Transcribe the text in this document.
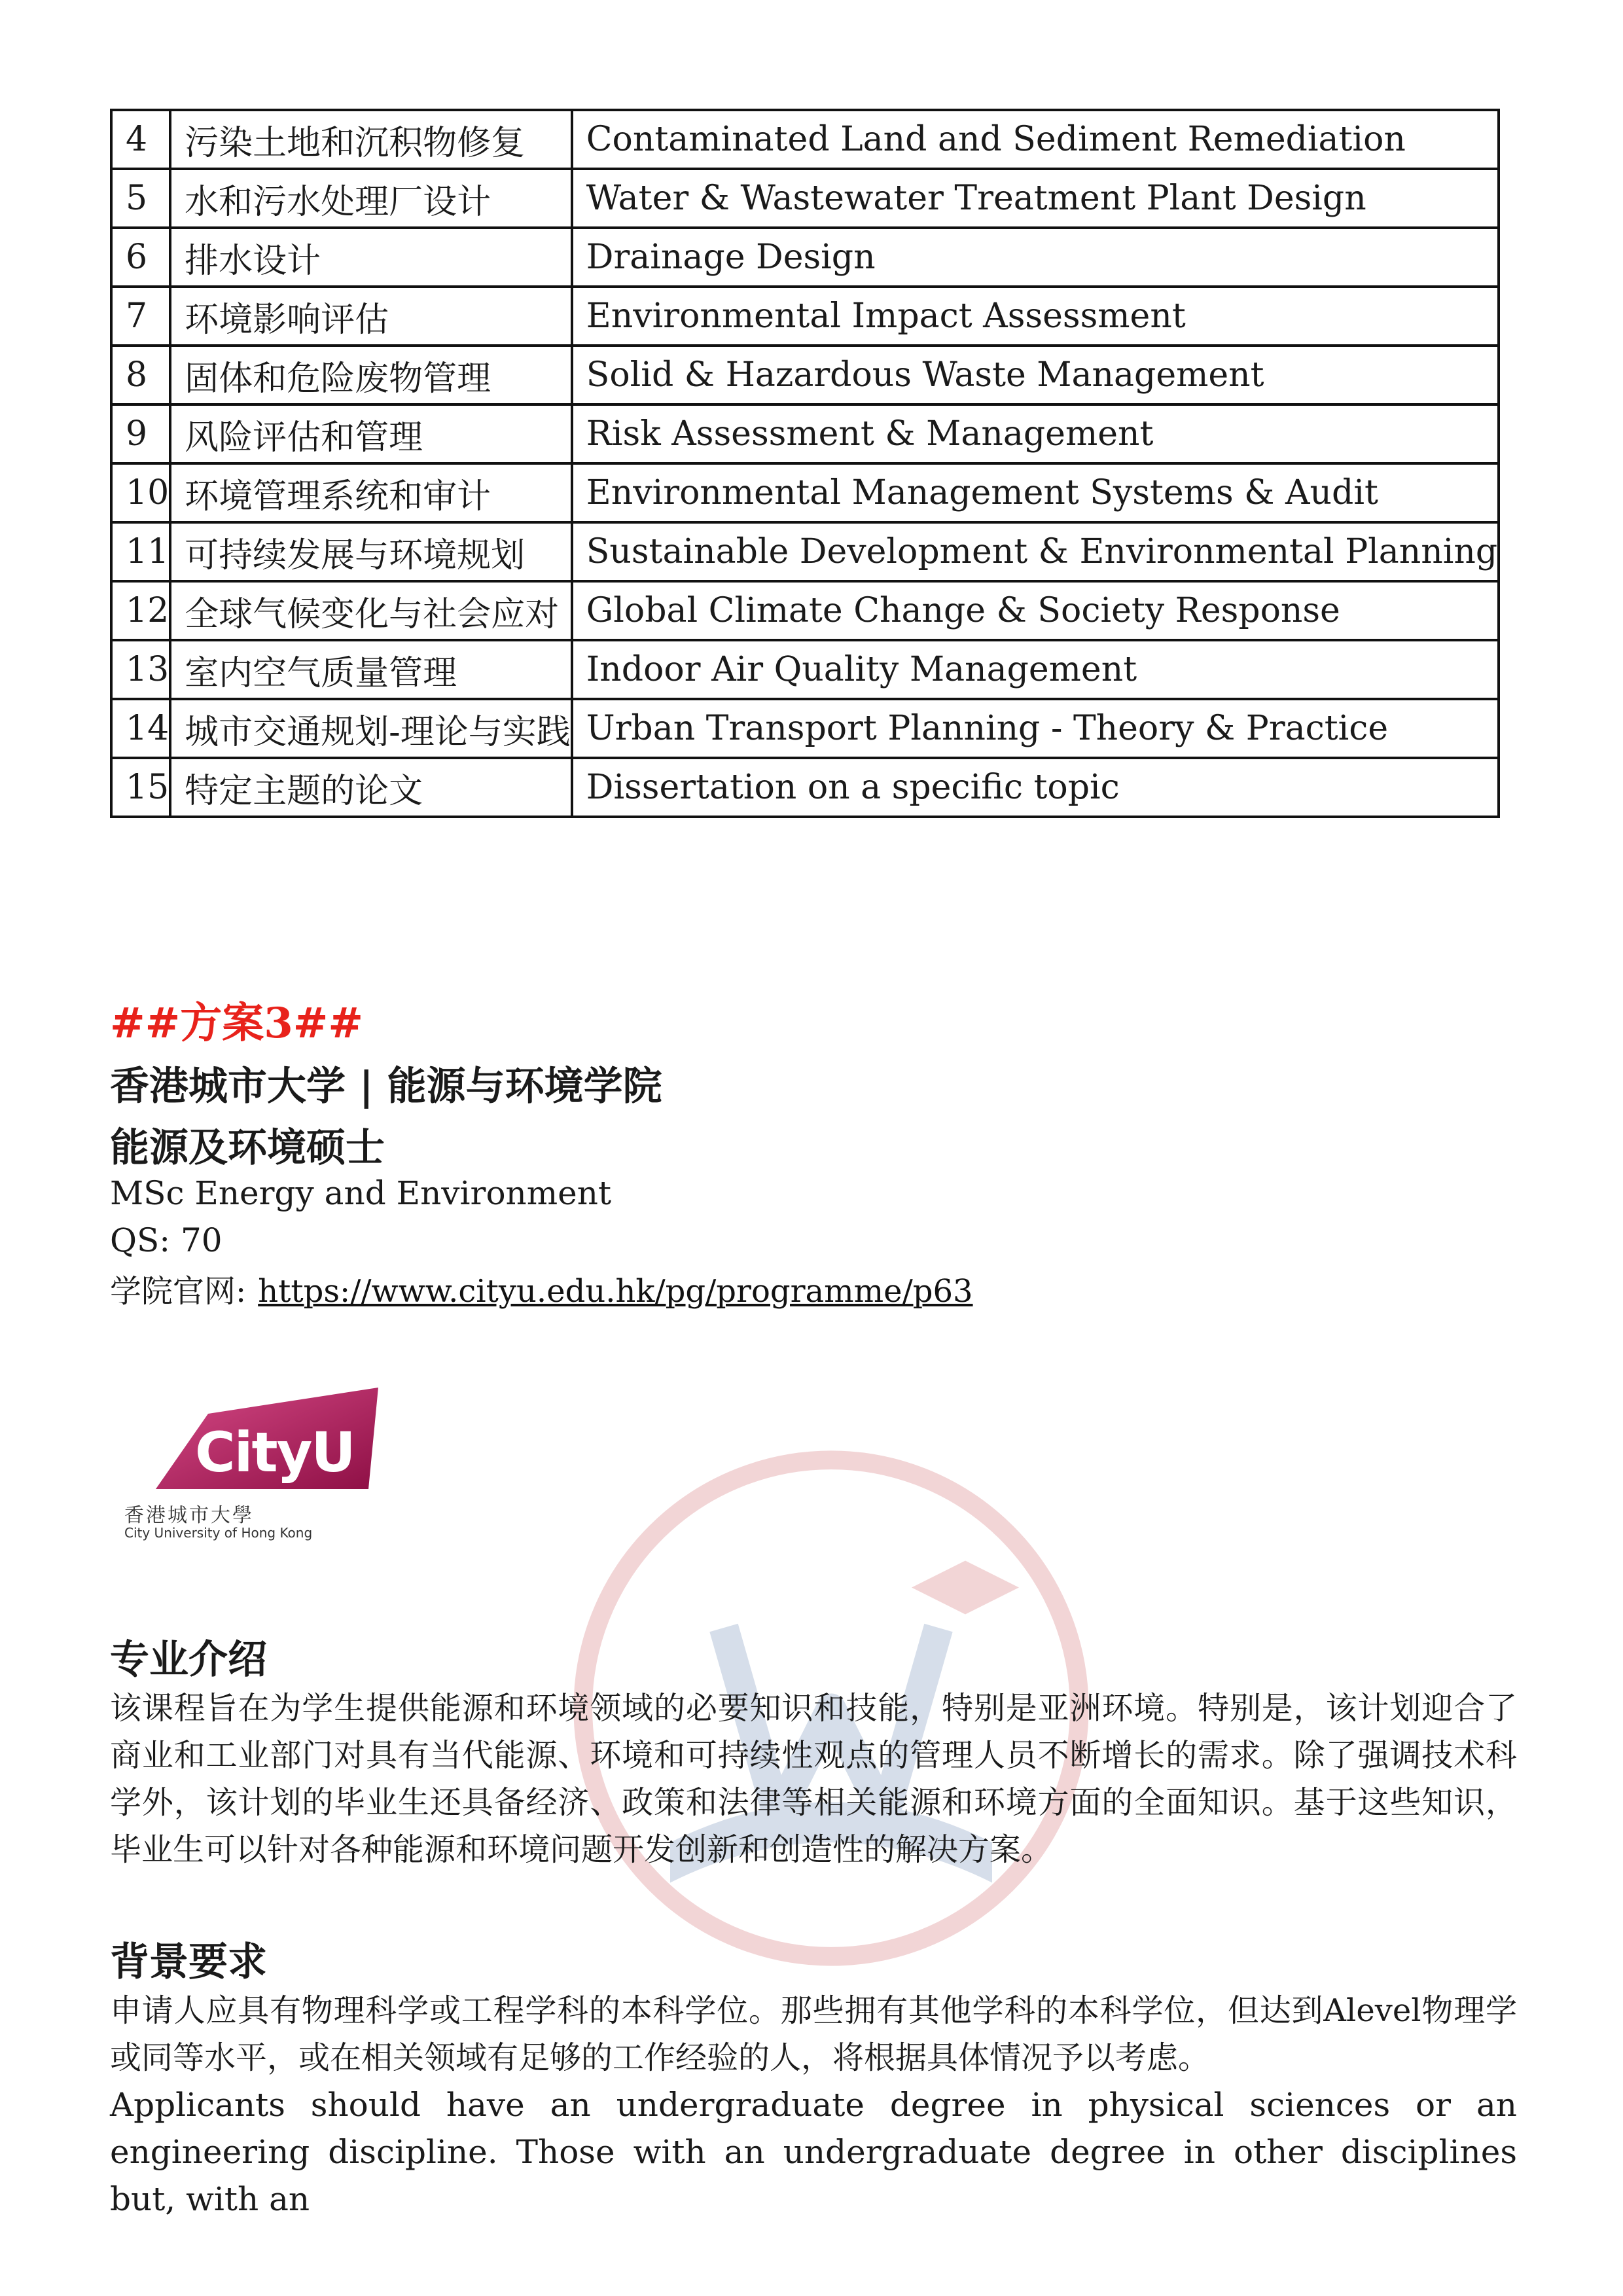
4	污染土地和沉积物修复	Contaminated Land and Sediment Remediation
5	水和污水处理厂设计	Water & Wastewater Treatment Plant Design
6	排水设计	Drainage Design
7	环境影响评估	Environmental Impact Assessment
8	固体和危险废物管理	Solid & Hazardous Waste Management
9	风险评估和管理	Risk Assessment & Management
10	环境管理系统和审计	Environmental Management Systems & Audit
11	可持续发展与环境规划	Sustainable Development & Environmental Planning
12	全球气候变化与社会应对	Global Climate Change & Society Response
13	室内空气质量管理	Indoor Air Quality Management
14	城市交通规划-理论与实践	Urban Transport Planning - Theory & Practice
15	特定主题的论文	Dissertation on a specific topic
##方案3##
香港城市大学 | 能源与环境学院
能源及环境硕士
MSc Energy and Environment
QS: 70
学院官网: https://www.cityu.edu.hk/pg/programme/p63
CityU
香港城市大學
City University of Hong Kong
专业介绍
该课程旨在为学生提供能源和环境领域的必要知识和技能，特别是亚洲环境。特别是，该计划迎合了商业和工业部门对具有当代能源、环境和可持续性观点的管理人员不断增长的需求。除了强调技术科学外，该计划的毕业生还具备经济、政策和法律等相关能源和环境方面的全面知识。基于这些知识，毕业生可以针对各种能源和环境问题开发创新和创造性的解决方案。
背景要求
申请人应具有物理科学或工程学科的本科学位。那些拥有其他学科的本科学位，但达到Alevel物理学或同等水平，或在相关领域有足够的工作经验的人，将根据具体情况予以考虑。
Applicants should have an undergraduate degree in physical sciences or an engineering discipline. Those with an undergraduate degree in other disciplines but, with an
